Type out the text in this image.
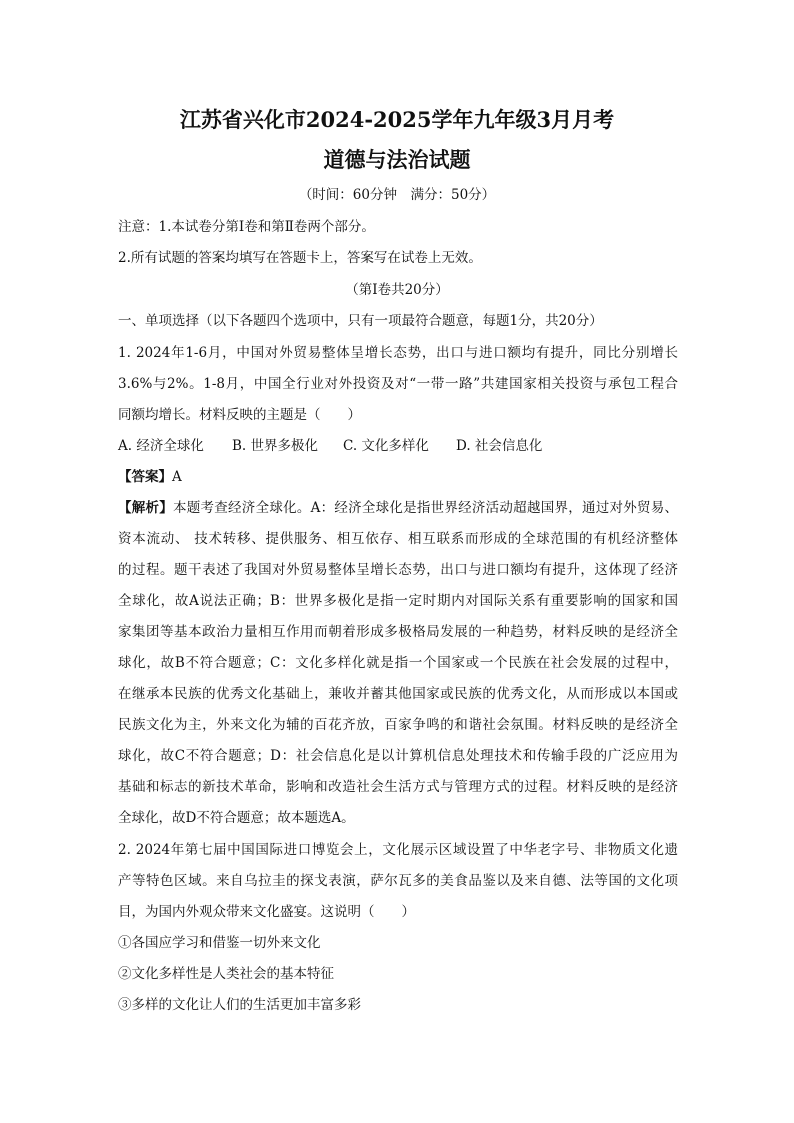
江苏省兴化市2024-2025学年九年级3月月考
道德与法治试题
（时间：60分钟　满分：50分）
注意：1.本试卷分第Ⅰ卷和第Ⅱ卷两个部分。
2.所有试题的答案均填写在答题卡上，答案写在试卷上无效。
（第Ⅰ卷共20分）
一、单项选择（以下各题四个选项中，只有一项最符合题意，每题1分，共20分）
1. 2024年1-6月，中国对外贸易整体呈增长态势，出口与进口额均有提升，同比分别增长
3.6%与2%。1-8月，中国全行业对外投资及对“一带一路”共建国家相关投资与承包工程合
同额均增长。材料反映的主题是（　　）
A. 经济全球化 B. 世界多极化 C. 文化多样化 D. 社会信息化
【答案】A
【解析】本题考查经济全球化。A：经济全球化是指世界经济活动超越国界，通过对外贸易、
资本流动、 技术转移、提供服务、相互依存、相互联系而形成的全球范围的有机经济整体
的过程。题干表述了我国对外贸易整体呈增长态势，出口与进口额均有提升，这体现了经济
全球化，故A说法正确；B：世界多极化是指一定时期内对国际关系有重要影响的国家和国
家集团等基本政治力量相互作用而朝着形成多极格局发展的一种趋势，材料反映的是经济全
球化，故B不符合题意；C：文化多样化就是指一个国家或一个民族在社会发展的过程中，
在继承本民族的优秀文化基础上，兼收并蓄其他国家或民族的优秀文化，从而形成以本国或
民族文化为主，外来文化为辅的百花齐放，百家争鸣的和谐社会氛围。材料反映的是经济全
球化，故C不符合题意；D：社会信息化是以计算机信息处理技术和传输手段的广泛应用为
基础和标志的新技术革命，影响和改造社会生活方式与管理方式的过程。材料反映的是经济
全球化，故D不符合题意；故本题选A。
2. 2024年第七届中国国际进口博览会上，文化展示区域设置了中华老字号、非物质文化遗
产等特色区域。来自乌拉圭的探戈表演，萨尔瓦多的美食品鉴以及来自德、法等国的文化项
目，为国内外观众带来文化盛宴。这说明（　　）
①各国应学习和借鉴一切外来文化
②文化多样性是人类社会的基本特征
③多样的文化让人们的生活更加丰富多彩
